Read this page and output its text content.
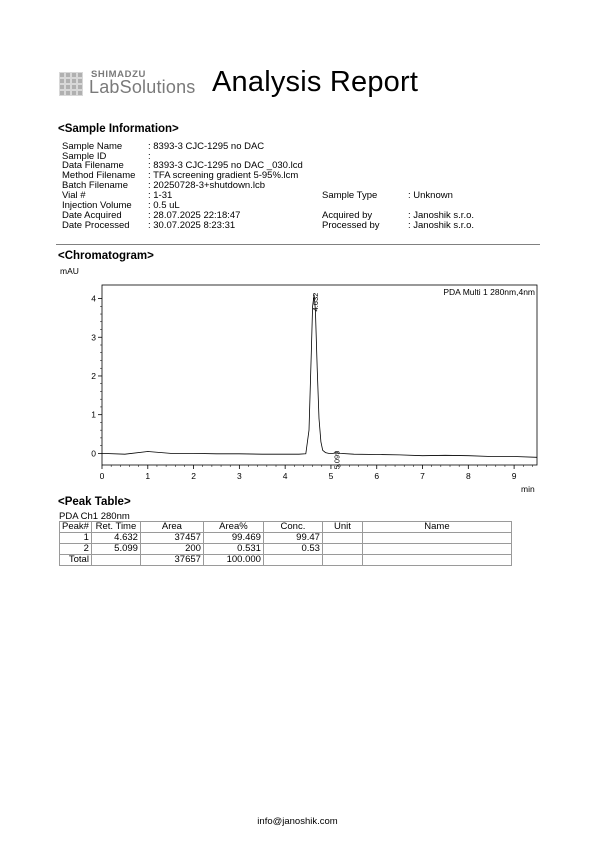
SHIMADZU
LabSolutions Analysis Report
<Sample Information>
Sample Name	: 8393-3 CJC-1295 no DAC
Sample ID	:
Data Filename	: 8393-3 CJC-1295 no DAC _030.lcd
Method Filename : TFA screening gradient 5-95%.lcm
Batch Filename : 20250728-3+shutdown.lcb
Vial #	: 1-31
Injection Volume : 0.5 uL
Date Acquired	: 28.07.2025 22:18:47
Date Processed : 30.07.2025 8:23:31
Sample Type	: Unknown
Acquired by	: Janoshik s.r.o.
Processed by	: Janoshik s.r.o.
<Chromatogram>
mAU
min
0
1
2
3
4
0	1	2	3	4	5	6	7	8	9
4.632
5.099
PDA Multi 1 280nm,4nm
<Peak Table>
PDA Ch1 280nm
Peak#	Ret. Time	Area	Area%	Conc.	Unit	Name
1	4.632	37457	99.469	99.47		
2	5.099	200	0.531	0.53		
Total		37657	100.000			
info@janoshik.com
